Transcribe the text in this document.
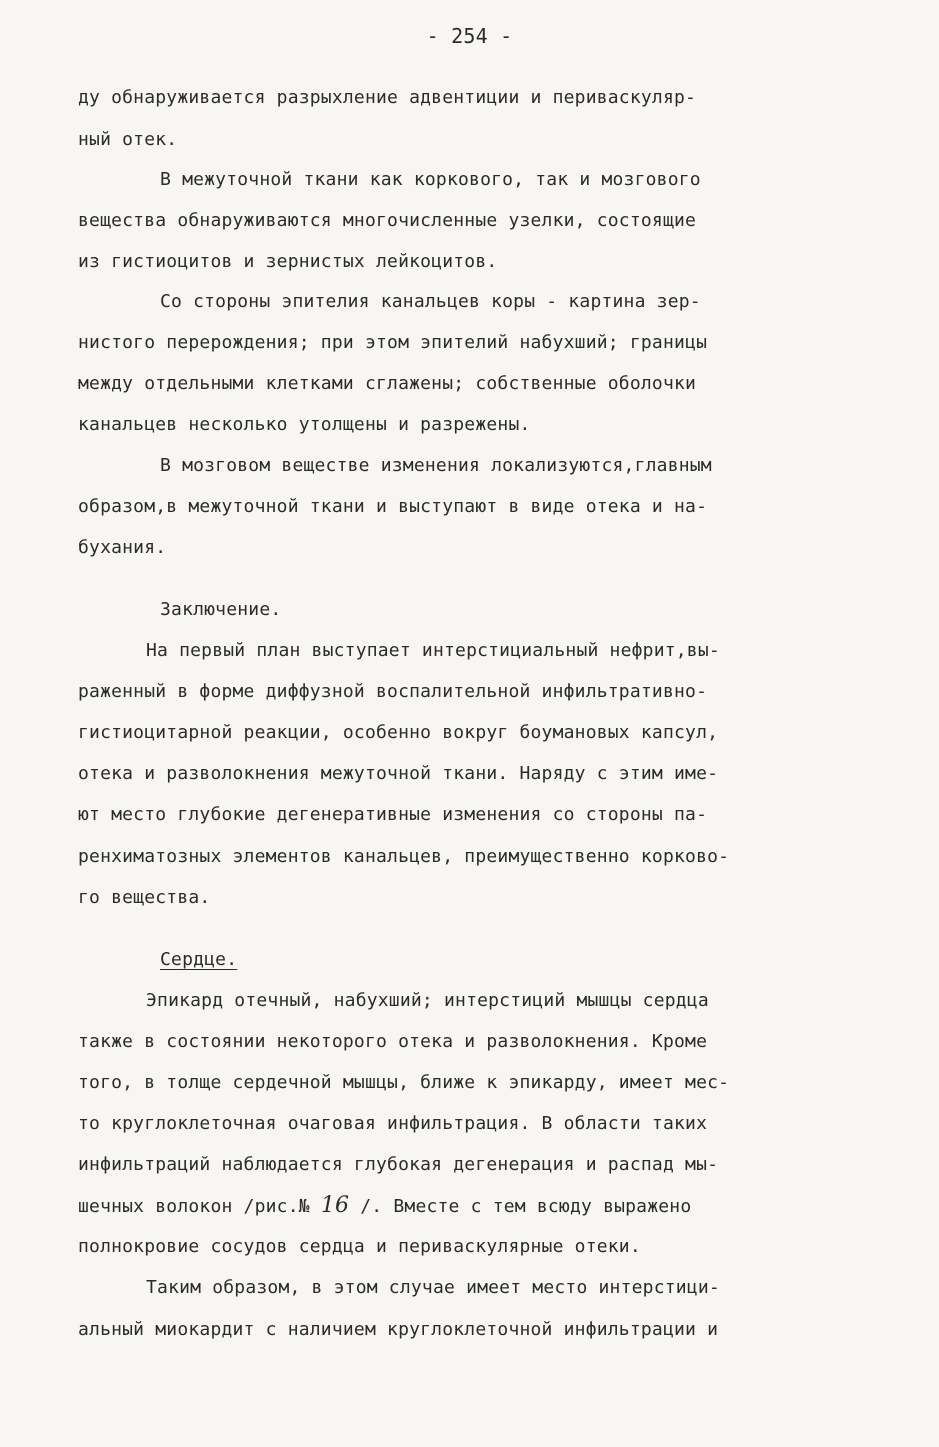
- 254 -
ду обнаруживается разрыхление адвентиции и периваскуляр-
ный отек.
В межуточной ткани как коркового, так и мозгового
вещества обнаруживаются многочисленные узелки, состоящие
из гистиоцитов и зернистых лейкоцитов.
Со стороны эпителия канальцев коры - картина зер-
нистого перерождения; при этом эпителий набухший; границы
между отдельными клетками сглажены; собственные оболочки
канальцев несколько утолщены и разрежены.
В мозговом веществе изменения локализуются,главным
образом,в межуточной ткани и выступают в виде отека и на-
бухания.
Заключение.
На первый план выступает интерстициальный нефрит,вы-
раженный в форме диффузной воспалительной инфильтративно-
гистиоцитарной реакции, особенно вокруг боумановых капсул,
отека и разволокнения межуточной ткани. Наряду с этим име-
ют место глубокие дегенеративные изменения со стороны па-
ренхиматозных элементов канальцев, преимущественно корково-
го вещества.
Сердце.
Эпикард отечный, набухший; интерстиций мышцы сердца
также в состоянии некоторого отека и разволокнения. Кроме
того, в толще сердечной мышцы, ближе к эпикарду, имеет мес-
то круглоклеточная очаговая инфильтрация. В области таких
инфильтраций наблюдается глубокая дегенерация и распад мы-
шечных волокон /рис.№ 16 /. Вместе с тем всюду выражено
полнокровие сосудов сердца и периваскулярные отеки.
Таким образом, в этом случае имеет место интерстици-
альный миокардит с наличием круглоклеточной инфильтрации и
